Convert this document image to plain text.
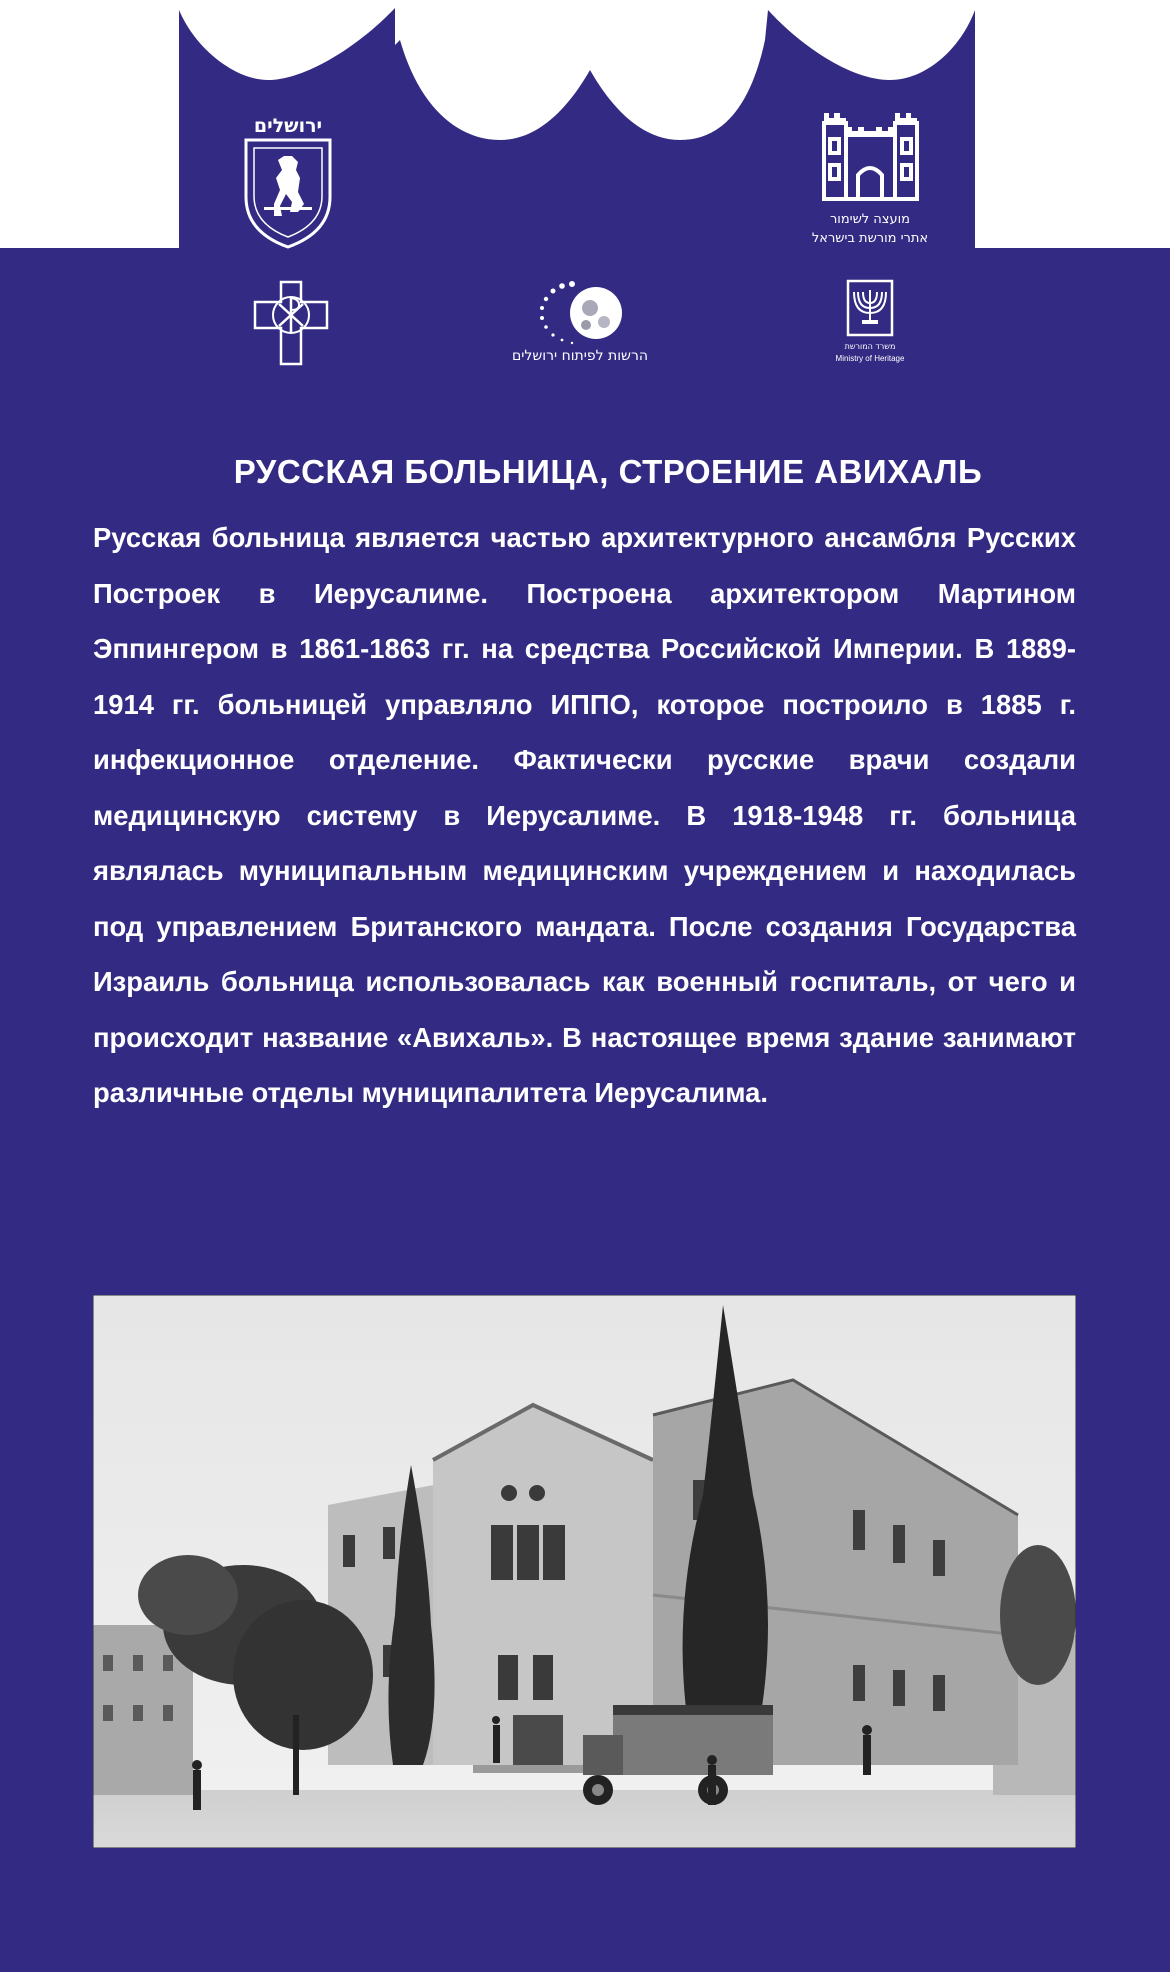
ירושלים
מועצה לשימור
אתרי מורשת בישראל
הרשות לפיתוח ירושלים
משרד המורשת
Ministry of Heritage
РУССКАЯ БОЛЬНИЦА, СТРОЕНИЕ АВИХАЛЬ
Русская больница является частью архитектурного ансамбля Русских Построек в Иерусалиме. Построена архитектором Мартином Эппингером в 1861-1863 гг. на средства Российской Империи. В 1889-1914 гг. больницей управляло ИППО, которое построило в 1885 г. инфекционное отделение. Фактически русские врачи создали медицинскую систему в Иерусалиме. В 1918-1948 гг. больница являлась муниципальным медицинским учреждением и находилась под управлением Британского мандата. После создания Государства Израиль больница использовалась как военный госпиталь, от чего и происходит название «Авихаль». В настоящее время здание занимают различные отделы муниципалитета Иерусалима.
